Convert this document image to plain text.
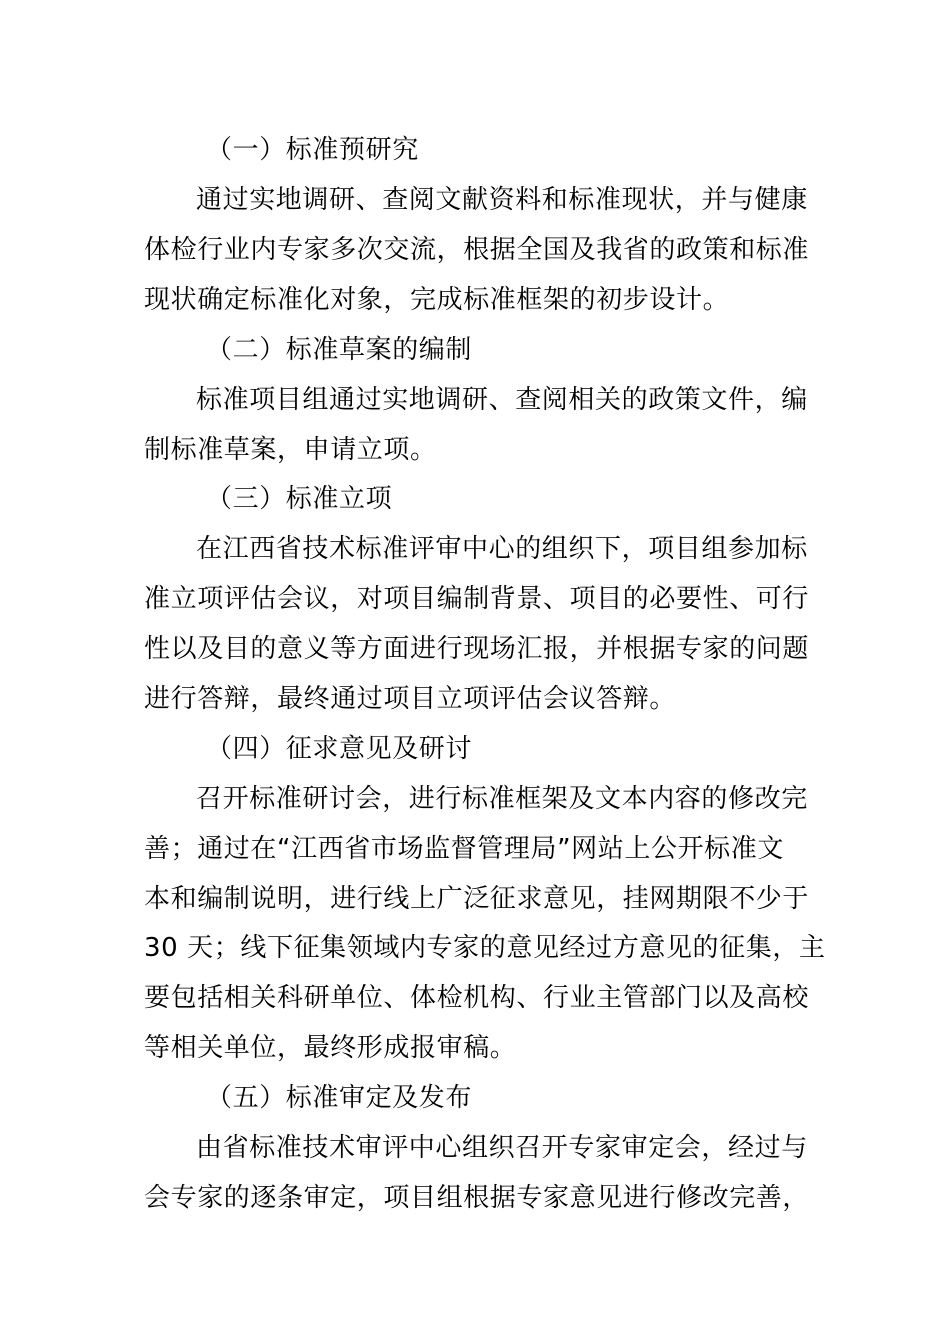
（一）标准预研究
通过实地调研、查阅文献资料和标准现状，并与健康
体检行业内专家多次交流，根据全国及我省的政策和标准
现状确定标准化对象，完成标准框架的初步设计。
（二）标准草案的编制
标准项目组通过实地调研、查阅相关的政策文件，编
制标准草案，申请立项。
（三）标准立项
在江西省技术标准评审中心的组织下，项目组参加标
准立项评估会议，对项目编制背景、项目的必要性、可行
性以及目的意义等方面进行现场汇报，并根据专家的问题
进行答辩，最终通过项目立项评估会议答辩。
（四）征求意见及研讨
召开标准研讨会，进行标准框架及文本内容的修改完
善；通过在“江西省市场监督管理局”网站上公开标准文
本和编制说明，进行线上广泛征求意见，挂网期限不少于
30 天；线下征集领域内专家的意见经过方意见的征集，主
要包括相关科研单位、体检机构、行业主管部门以及高校
等相关单位，最终形成报审稿。
（五）标准审定及发布
由省标准技术审评中心组织召开专家审定会，经过与
会专家的逐条审定，项目组根据专家意见进行修改完善，
